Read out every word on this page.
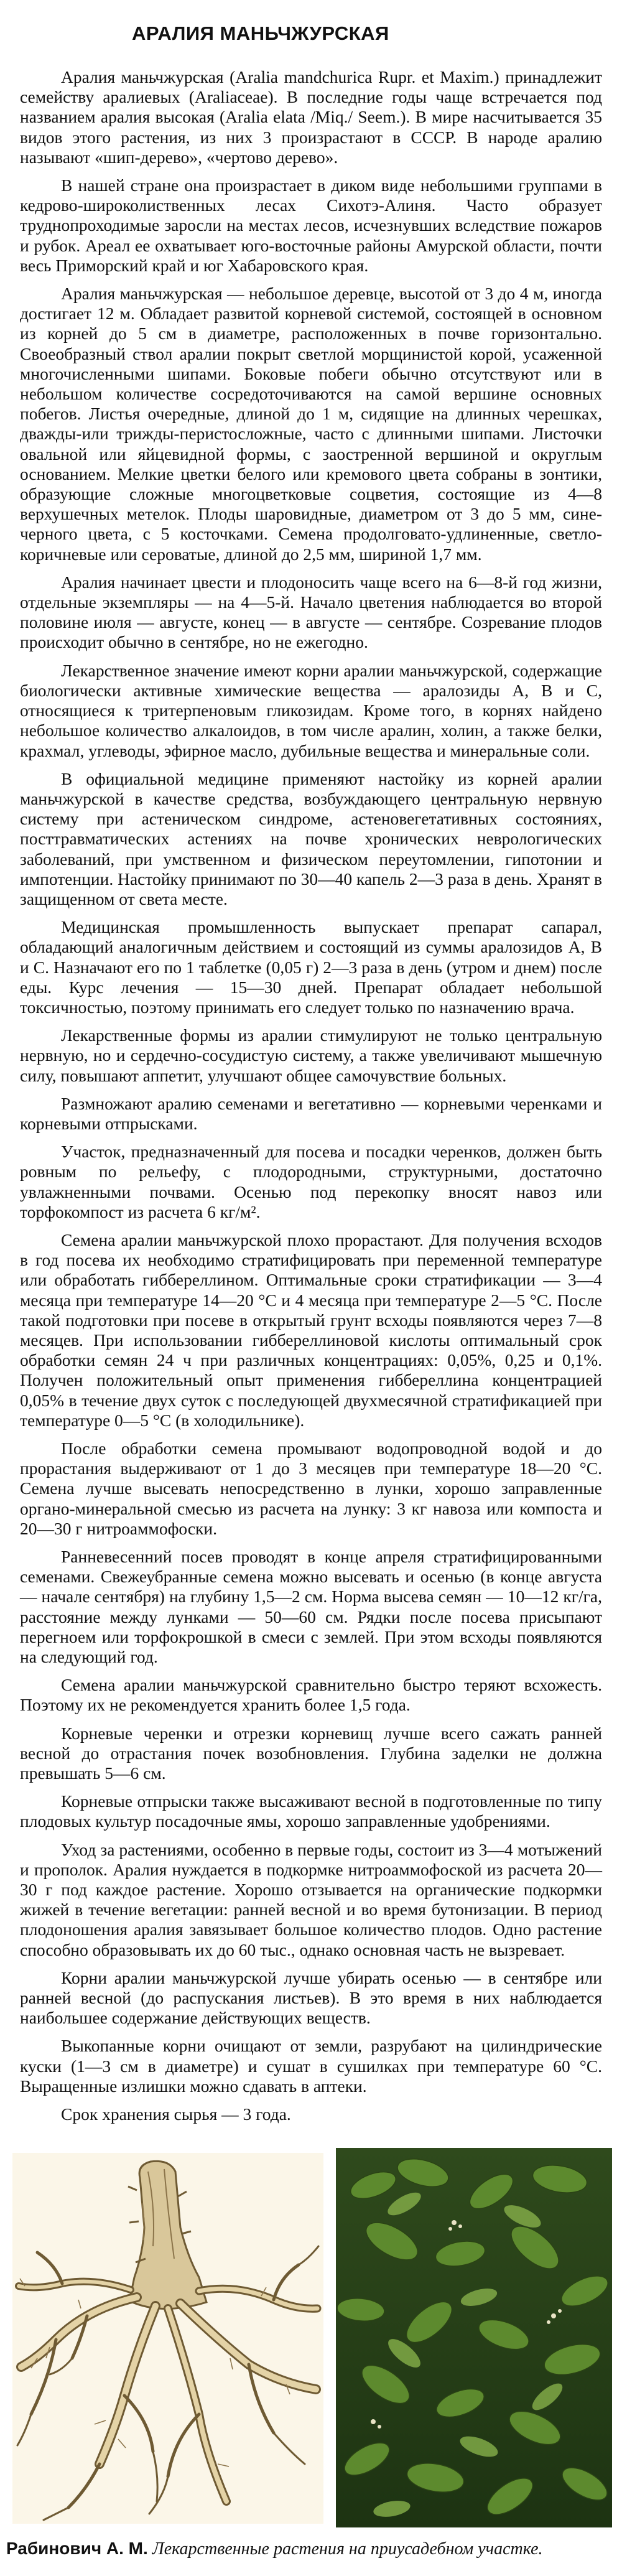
АРАЛИЯ МАНЬЧЖУРСКАЯ

Аралия маньчжурская (Aralia mandchurica Rupr. et Maxim.) принадлежит семейству аралиевых (Araliaceae). В последние годы чаще встречается под названием аралия высокая (Aralia elata /Miq./ Seem.). В мире насчитывается 35 видов этого растения, из них 3 произрастают в СССР. В народе аралию называют «шип-дерево», «чертово дерево».

В нашей стране она произрастает в диком виде небольшими группами в кедрово-широколиственных лесах Сихотэ-Алиня. Часто образует труднопроходимые заросли на местах лесов, исчезнувших вследствие пожаров и рубок. Ареал ее охватывает юго-восточные районы Амурской области, почти весь Приморский край и юг Хабаровского края.

Аралия маньчжурская — небольшое деревце, высотой от 3 до 4 м, иногда достигает 12 м. Обладает развитой корневой системой, состоящей в основном из корней до 5 см в диаметре, расположенных в почве горизонтально. Своеобразный ствол аралии покрыт светлой морщинистой корой, усаженной многочисленными шипами. Боковые побеги обычно отсутствуют или в небольшом количестве сосредоточиваются на самой вершине основных побегов. Листья очередные, длиной до 1 м, сидящие на длинных черешках, дважды-или трижды-перистосложные, часто с длинными шипами. Листочки овальной или яйцевидной формы, с заостренной вершиной и округлым основанием. Мелкие цветки белого или кремового цвета собраны в зонтики, образующие сложные многоцветковые соцветия, состоящие из 4—8 верхушечных метелок. Плоды шаровидные, диаметром от 3 до 5 мм, сине-черного цвета, с 5 косточками. Семена продолговато-удлиненные, светло-коричневые или сероватые, длиной до 2,5 мм, шириной 1,7 мм.

Аралия начинает цвести и плодоносить чаще всего на 6—8-й год жизни, отдельные экземпляры — на 4—5-й. Начало цветения наблюдается во второй половине июля — августе, конец — в августе — сентябре. Созревание плодов происходит обычно в сентябре, но не ежегодно.

Лекарственное значение имеют корни аралии маньчжурской, содержащие биологически активные химические вещества — аралозиды А, В и С, относящиеся к тритерпеновым гликозидам. Кроме того, в корнях найдено небольшое количество алкалоидов, в том числе аралин, холин, а также белки, крахмал, углеводы, эфирное масло, дубильные вещества и минеральные соли.

В официальной медицине применяют настойку из корней аралии маньчжурской в качестве средства, возбуждающего центральную нервную систему при астеническом синдроме, астеновегетативных состояниях, посттравматических астениях на почве хронических неврологических заболеваний, при умственном и физическом переутомлении, гипотонии и импотенции. Настойку принимают по 30—40 капель 2—3 раза в день. Хранят в защищенном от света месте.

Медицинская промышленность выпускает препарат сапарал, обладающий аналогичным действием и состоящий из суммы аралозидов А, В и С. Назначают его по 1 таблетке (0,05 г) 2—3 раза в день (утром и днем) после еды. Курс лечения — 15—30 дней. Препарат обладает небольшой токсичностью, поэтому принимать его следует только по назначению врача.

Лекарственные формы из аралии стимулируют не только центральную нервную, но и сердечно-сосудистую систему, а также увеличивают мышечную силу, повышают аппетит, улучшают общее самочувствие больных.

Размножают аралию семенами и вегетативно — корневыми черенками и корневыми отпрысками.

Участок, предназначенный для посева и посадки черенков, должен быть ровным по рельефу, с плодородными, структурными, достаточно увлажненными почвами. Осенью под перекопку вносят навоз или торфокомпост из расчета 6 кг/м².

Семена аралии маньчжурской плохо прорастают. Для получения всходов в год посева их необходимо стратифицировать при переменной температуре или обработать гиббереллином. Оптимальные сроки стратификации — 3—4 месяца при температуре 14—20 °С и 4 месяца при температуре 2—5 °С. После такой подготовки при посеве в открытый грунт всходы появляются через 7—8 месяцев. При использовании гиббереллиновой кислоты оптимальный срок обработки семян 24 ч при различных концентрациях: 0,05%, 0,25 и 0,1%. Получен положительный опыт применения гиббереллина концентрацией 0,05% в течение двух суток с последующей двухмесячной стратификацией при температуре 0—5 °С (в холодильнике).

После обработки семена промывают водопроводной водой и до прорастания выдерживают от 1 до 3 месяцев при температуре 18—20 °С. Семена лучше высевать непосредственно в лунки, хорошо заправленные органо-минеральной смесью из расчета на лунку: 3 кг навоза или компоста и 20—30 г нитроаммофоски.

Ранневесенний посев проводят в конце апреля стратифицированными семенами. Свежеубранные семена можно высевать и осенью (в конце августа — начале сентября) на глубину 1,5—2 см. Норма высева семян — 10—12 кг/га, расстояние между лунками — 50—60 см. Рядки после посева присыпают перегноем или торфокрошкой в смеси с землей. При этом всходы появляются на следующий год.

Семена аралии маньчжурской сравнительно быстро теряют всхожесть. Поэтому их не рекомендуется хранить более 1,5 года.

Корневые черенки и отрезки корневищ лучше всего сажать ранней весной до отрастания почек возобновления. Глубина заделки не должна превышать 5—6 см.

Корневые отпрыски также высаживают весной в подготовленные по типу плодовых культур посадочные ямы, хорошо заправленные удобрениями.

Уход за растениями, особенно в первые годы, состоит из 3—4 мотыжений и прополок. Аралия нуждается в подкормке нитроаммофоской из расчета 20—30 г под каждое растение. Хорошо отзывается на органические подкормки жижей в течение вегетации: ранней весной и во время бутонизации. В период плодоношения аралия завязывает большое количество плодов. Одно растение способно образовывать их до 60 тыс., однако основная часть не вызревает.

Корни аралии маньчжурской лучше убирать осенью — в сентябре или ранней весной (до распускания листьев). В это время в них наблюдается наибольшее содержание действующих веществ.

Выкопанные корни очищают от земли, разрубают на цилиндрические куски (1—3 см в диаметре) и сушат в сушилках при температуре 60 °С. Выращенные излишки можно сдавать в аптеки.

Срок хранения сырья — 3 года.

Рабинович А. М. Лекарственные растения на приусадебном участке.
